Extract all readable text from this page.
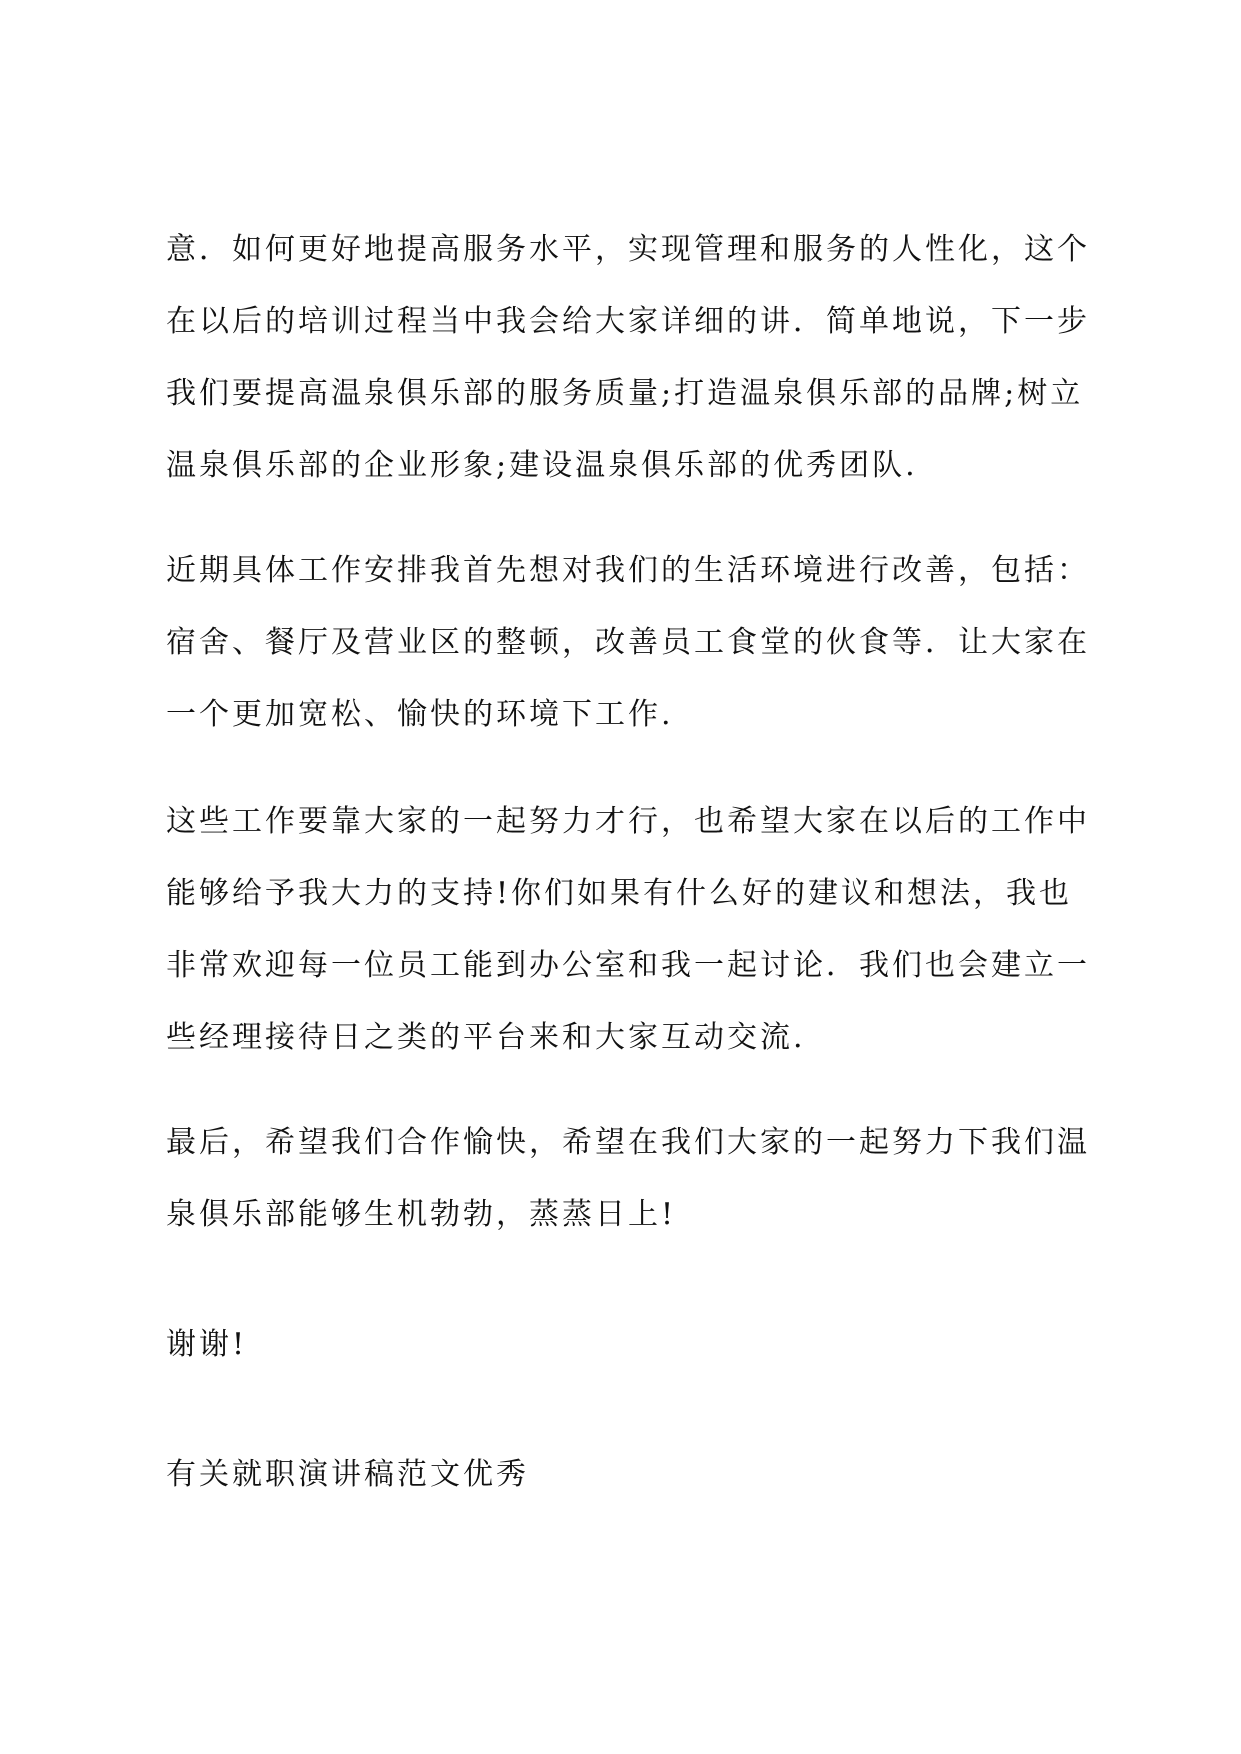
意．如何更好地提高服务水平，实现管理和服务的人性化，这个
在以后的培训过程当中我会给大家详细的讲．简单地说，下一步
我们要提高温泉俱乐部的服务质量;打造温泉俱乐部的品牌;树立
温泉俱乐部的企业形象;建设温泉俱乐部的优秀团队.
近期具体工作安排我首先想对我们的生活环境进行改善，包括：
宿舍、餐厅及营业区的整顿，改善员工食堂的伙食等．让大家在
一个更加宽松、愉快的环境下工作.
这些工作要靠大家的一起努力才行，也希望大家在以后的工作中
能够给予我大力的支持!你们如果有什么好的建议和想法，我也
非常欢迎每一位员工能到办公室和我一起讨论．我们也会建立一
些经理接待日之类的平台来和大家互动交流.
最后，希望我们合作愉快，希望在我们大家的一起努力下我们温
泉俱乐部能够生机勃勃，蒸蒸日上!
谢谢!
有关就职演讲稿范文优秀
